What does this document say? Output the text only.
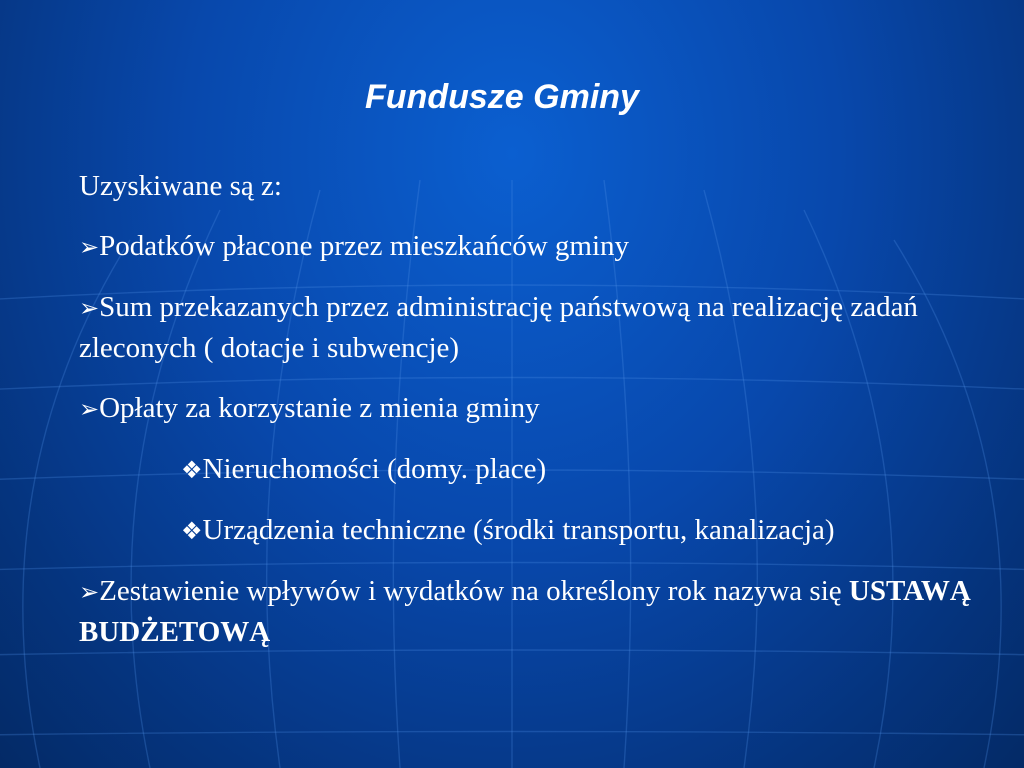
Fundusze Gminy

Uzyskiwane są z:

➢Podatków płacone przez mieszkańców gminy

➢Sum przekazanych przez administrację państwową na realizację zadań zleconych ( dotacje i subwencje)

➢Opłaty za korzystanie z mienia gminy

❖Nieruchomości (domy. place)

❖Urządzenia techniczne (środki transportu, kanalizacja)

➢Zestawienie wpływów i wydatków na określony rok nazywa się USTAWĄ BUDŻETOWĄ
